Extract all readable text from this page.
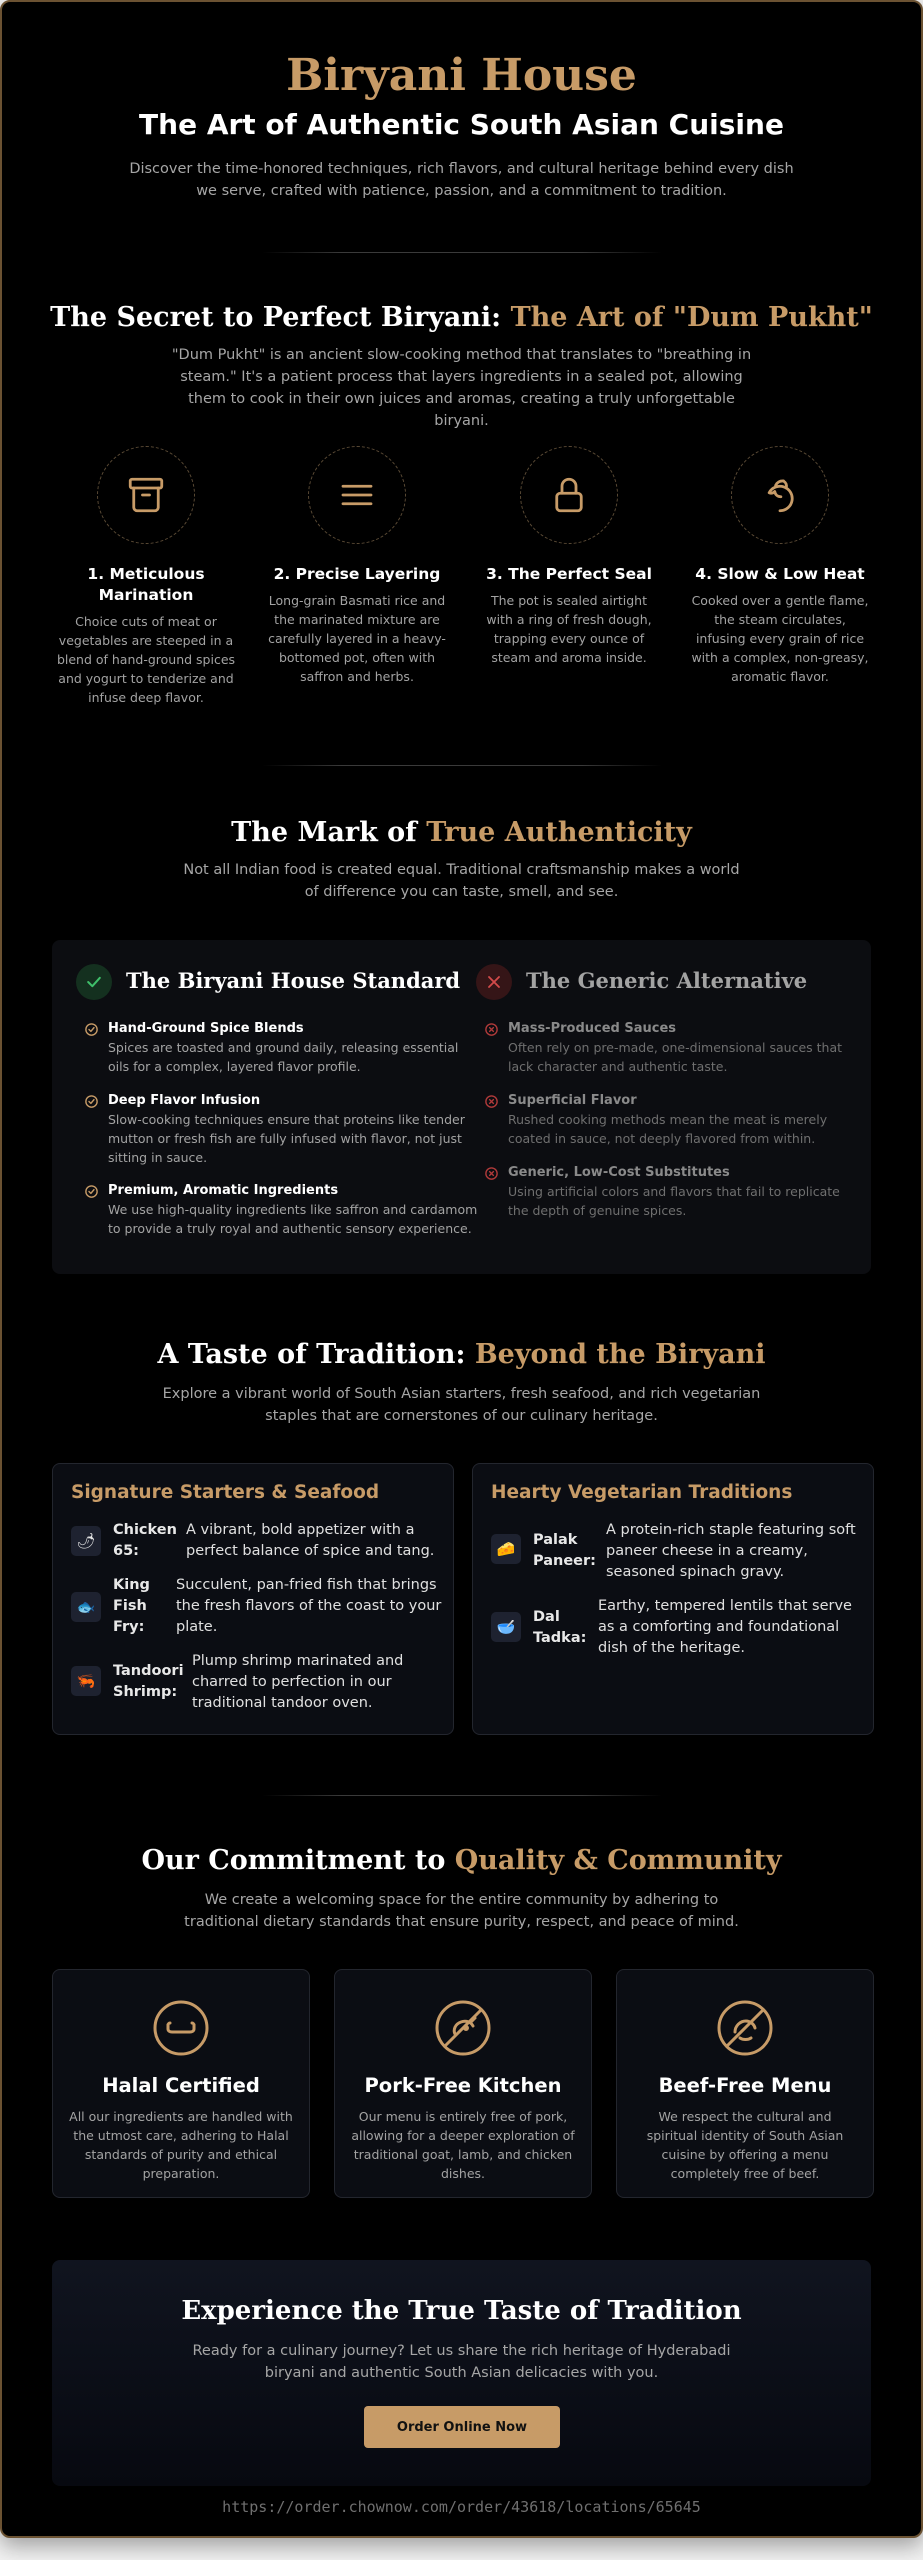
Biryani House
The Art of Authentic South Asian Cuisine
Discover the time-honored techniques, rich flavors, and cultural heritage behind every dish we serve, crafted with patience, passion, and a commitment to tradition.
The Secret to Perfect Biryani: The Art of "Dum Pukht"
"Dum Pukht" is an ancient slow-cooking method that translates to "breathing in steam." It's a patient process that layers ingredients in a sealed pot, allowing them to cook in their own juices and aromas, creating a truly unforgettable biryani.
1. Meticulous Marination
Choice cuts of meat or vegetables are steeped in a blend of hand-ground spices and yogurt to tenderize and infuse deep flavor.
2. Precise Layering
Long-grain Basmati rice and the marinated mixture are carefully layered in a heavy-bottomed pot, often with saffron and herbs.
3. The Perfect Seal
The pot is sealed airtight with a ring of fresh dough, trapping every ounce of steam and aroma inside.
4. Slow & Low Heat
Cooked over a gentle flame, the steam circulates, infusing every grain of rice with a complex, non-greasy, aromatic flavor.
The Mark of True Authenticity
Not all Indian food is created equal. Traditional craftsmanship makes a world of difference you can taste, smell, and see.
The Biryani House Standard	The Generic Alternative
Hand-Ground Spice Blends
Spices are toasted and ground daily, releasing essential oils for a complex, layered flavor profile.
Deep Flavor Infusion
Slow-cooking techniques ensure that proteins like tender mutton or fresh fish are fully infused with flavor, not just sitting in sauce.
Premium, Aromatic Ingredients
We use high-quality ingredients like saffron and cardamom to provide a truly royal and authentic sensory experience.
Mass-Produced Sauces
Often rely on pre-made, one-dimensional sauces that lack character and authentic taste.
Superficial Flavor
Rushed cooking methods mean the meat is merely coated in sauce, not deeply flavored from within.
Generic, Low-Cost Substitutes
Using artificial colors and flavors that fail to replicate the depth of genuine spices.
A Taste of Tradition: Beyond the Biryani
Explore a vibrant world of South Asian starters, fresh seafood, and rich vegetarian staples that are cornerstones of our culinary heritage.
Signature Starters & Seafood
🌶
Chicken
65:
A vibrant, bold appetizer with a
perfect balance of spice and tang.
🐟
King
Fish
Fry:
Succulent, pan-fried fish that brings
the fresh flavors of the coast to your
plate.
🦐
Tandoori
Shrimp:
Plump shrimp marinated and
charred to perfection in our
traditional tandoor oven.
Hearty Vegetarian Traditions
🧀	Palak
Paneer:
A protein-rich staple featuring soft
paneer cheese in a creamy,
seasoned spinach gravy.
🥣
Dal
Tadka:
Earthy, tempered lentils that serve
as a comforting and foundational
dish of the heritage.
Our Commitment to Quality & Community
We create a welcoming space for the entire community by adhering to traditional dietary standards that ensure purity, respect, and peace of mind.
Halal Certified
All our ingredients are handled with the utmost care, adhering to Halal standards of purity and ethical preparation.
Pork-Free Kitchen
Our menu is entirely free of pork, allowing for a deeper exploration of traditional goat, lamb, and chicken dishes.
Beef-Free Menu
We respect the cultural and spiritual identity of South Asian cuisine by offering a menu completely free of beef.
Experience the True Taste of Tradition
Ready for a culinary journey? Let us share the rich heritage of Hyderabadi biryani and authentic South Asian delicacies with you.
Order Online Now
https://order.chownow.com/order/43618/locations/65645
